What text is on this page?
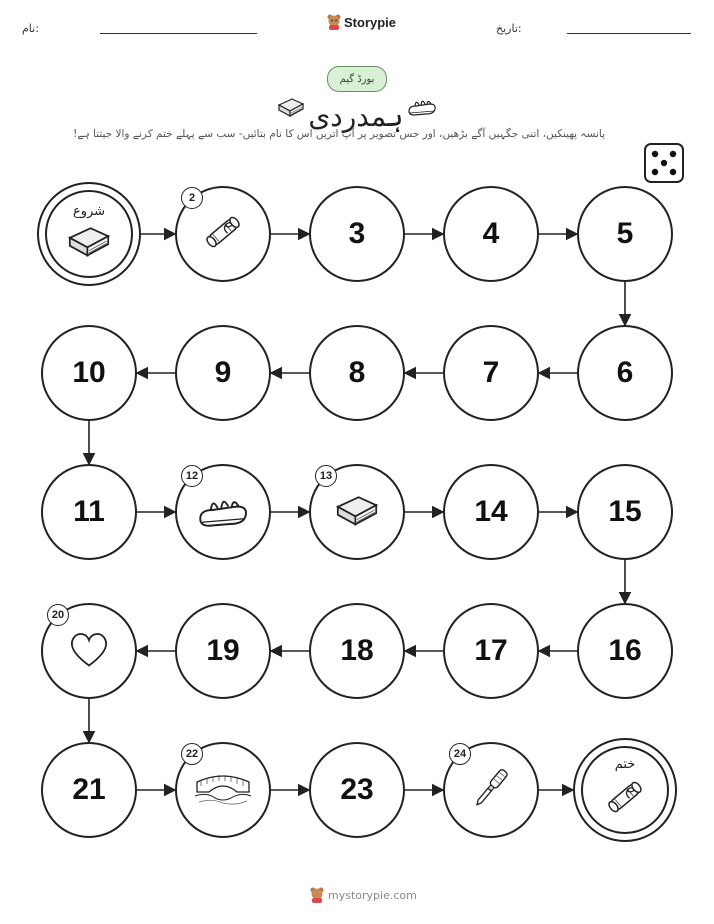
نام:	Storypie	تاریخ:
بورڈ گیم
ہمدردی
پانسہ پھینکیں، اتنی جگہیں آگے بڑھیں، اور جس تصویر پر آپ اتریں اس کا نام بتائیں- سب سے پہلے ختم کرنے والا جیتتا ہے!
شروع
2
3	4	5
6
7
8
9
10
11
12	13
14	15
16
17
18
19
20
21
22
23
24
ختم
mystorypie.com
